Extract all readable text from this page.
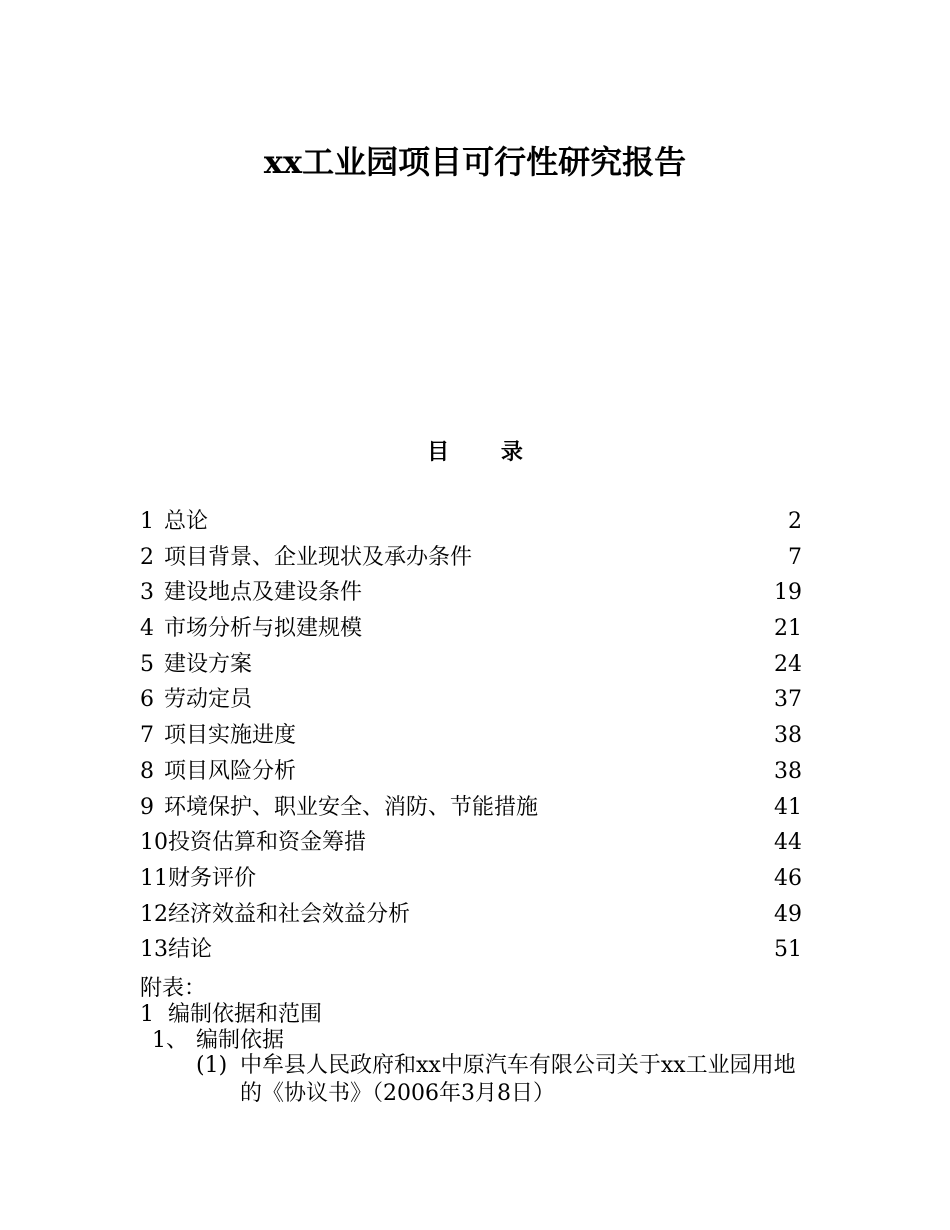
xx工业园项目可行性研究报告
目 录
1 总论	2
2 项目背景、企业现状及承办条件	7
3 建设地点及建设条件	19
4 市场分析与拟建规模	21
5 建设方案	24
6 劳动定员	37
7 项目实施进度	38
8 项目风险分析	38
9 环境保护、职业安全、消防、节能措施	41
10投资估算和资金筹措	44
11财务评价	46
12经济效益和社会效益分析	49
13结论	51

附表：

1 编制依据和范围

1、 编制依据

(1) 中牟县人民政府和xx中原汽车有限公司关于xx工业园用地的《协议书》（2006年3月8日）
